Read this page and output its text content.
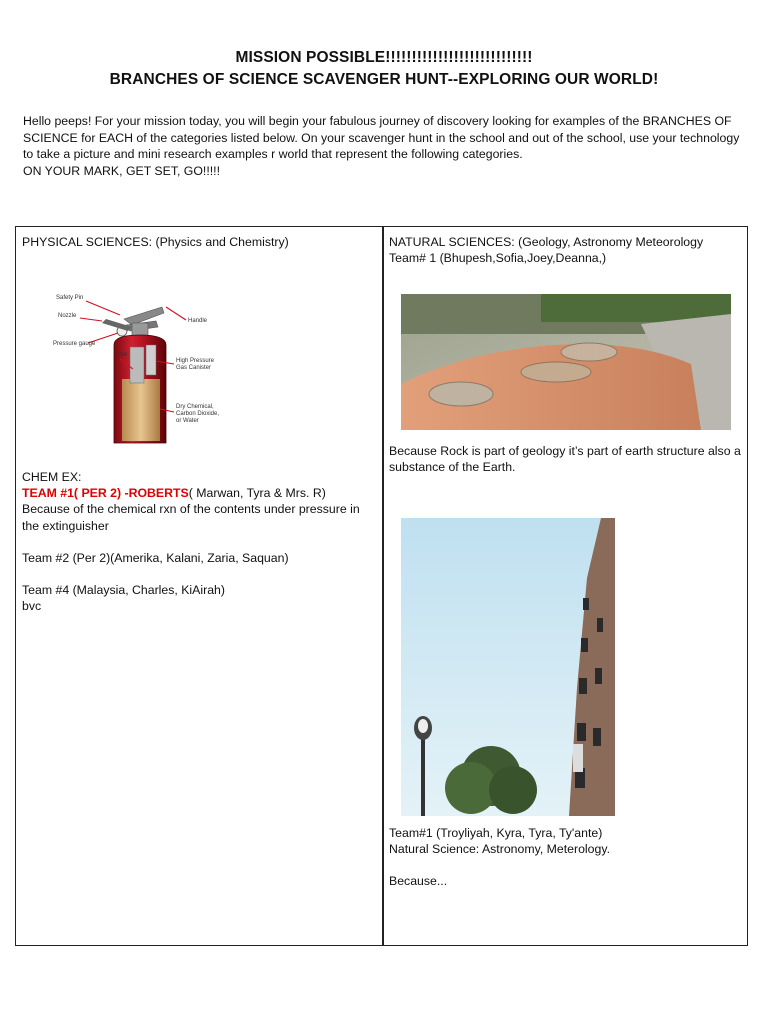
MISSION POSSIBLE!!!!!!!!!!!!!!!!!!!!!!!!!!!!
BRANCHES OF SCIENCE SCAVENGER HUNT--EXPLORING OUR WORLD!

Hello peeps! For your mission today, you will begin your fabulous journey of discovery looking for examples of the BRANCHES OF SCIENCE for EACH of the categories listed below. On your scavenger hunt in the school and out of the school, use your technology to take a picture and mini research examples r world that represent the following categories.

ON YOUR MARK, GET SET, GO!!!!!

PHYSICAL SCIENCES: (Physics and Chemistry)
Safety Pin
Nozzle
Handle
Pressure gauge
Tube
High Pressure
Gas Canister
Dry Chemical,
Carbon Dioxide,
or Water
CHEM EX:
TEAM #1( PER 2) -ROBERTS( Marwan, Tyra & Mrs. R)
Because of the chemical rxn of the contents under pressure in the extinguisher
Team #2 (Per 2)(Amerika, Kalani, Zaria, Saquan)
Team #4 (Malaysia, Charles, KiAirah)
bvc
NATURAL SCIENCES: (Geology, Astronomy Meteorology
Team# 1 (Bhupesh,Sofia,Joey,Deanna,)
Because Rock is part of geology it’s part of earth structure also a substance of the Earth.
Team#1 (Troyliyah, Kyra, Tyra, Ty'ante)
Natural Science: Astronomy, Meterology.
Because...
